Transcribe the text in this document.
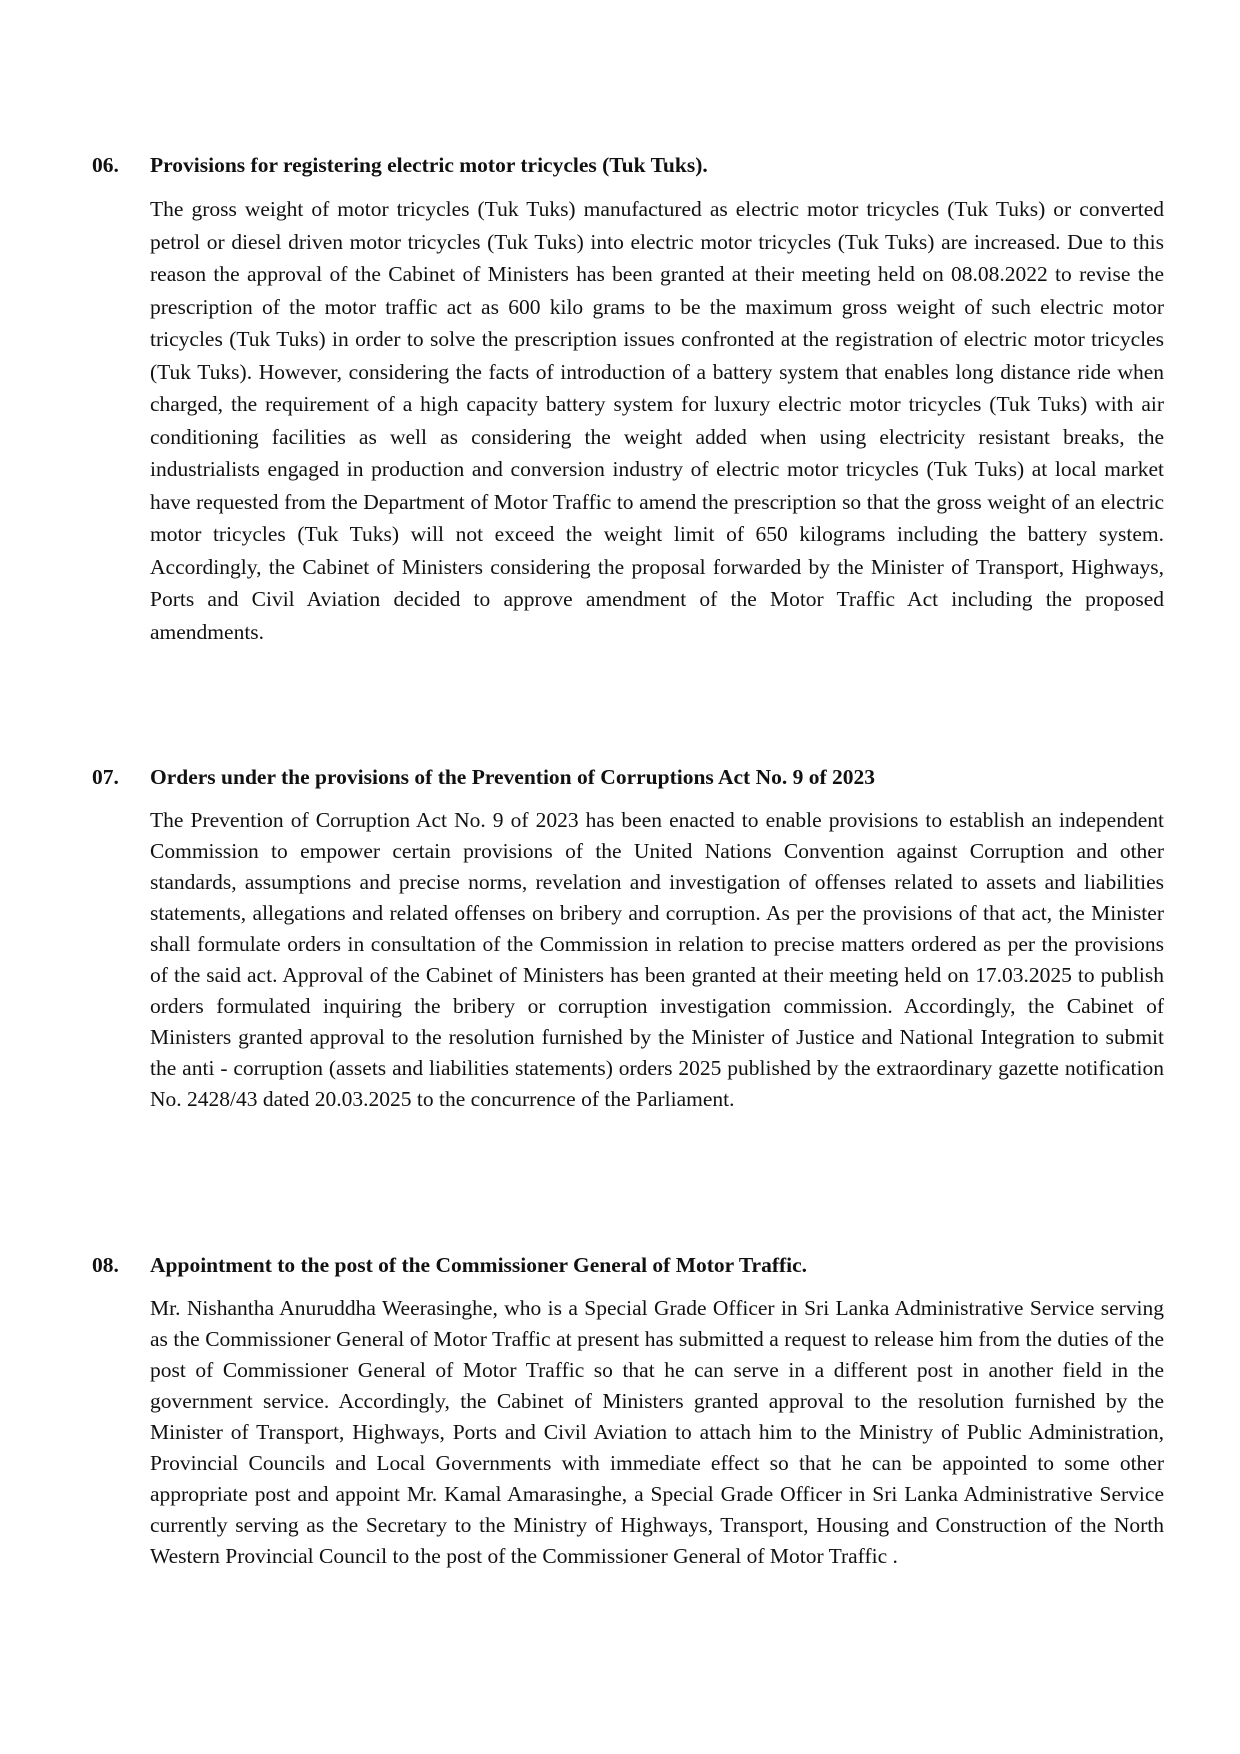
06.	Provisions for registering electric motor tricycles (Tuk Tuks).

The gross weight of motor tricycles (Tuk Tuks) manufactured as electric motor tricycles (Tuk Tuks) or converted petrol or diesel driven motor tricycles (Tuk Tuks) into electric motor tricycles (Tuk Tuks) are increased. Due to this reason the approval of the Cabinet of Ministers has been granted at their meeting held on 08.08.2022 to revise the prescription of the motor traffic act as 600 kilo grams to be the maximum gross weight of such electric motor tricycles (Tuk Tuks) in order to solve the prescription issues confronted at the registration of electric motor tricycles (Tuk Tuks). However, considering the facts of introduction of a battery system that enables long distance ride when charged, the requirement of a high capacity battery system for luxury electric motor tricycles (Tuk Tuks) with air conditioning facilities as well as considering the weight added when using electricity resistant breaks, the industrialists engaged in production and conversion industry of electric motor tricycles (Tuk Tuks) at local market have requested from the Department of Motor Traffic to amend the prescription so that the gross weight of an electric motor tricycles (Tuk Tuks) will not exceed the weight limit of 650 kilograms including the battery system. Accordingly, the Cabinet of Ministers considering the proposal forwarded by the Minister of Transport, Highways, Ports and Civil Aviation decided to approve amendment of the Motor Traffic Act including the proposed amendments.

07.	Orders under the provisions of the Prevention of Corruptions Act No. 9 of 2023

The Prevention of Corruption Act No. 9 of 2023 has been enacted to enable provisions to establish an independent Commission to empower certain provisions of the United Nations Convention against Corruption and other standards, assumptions and precise norms, revelation and investigation of offenses related to assets and liabilities statements, allegations and related offenses on bribery and corruption. As per the provisions of that act, the Minister shall formulate orders in consultation of the Commission in relation to precise matters ordered as per the provisions of the said act. Approval of the Cabinet of Ministers has been granted at their meeting held on 17.03.2025 to publish orders formulated inquiring the bribery or corruption investigation commission. Accordingly, the Cabinet of Ministers granted approval to the resolution furnished by the Minister of Justice and National Integration to submit the anti - corruption (assets and liabilities statements) orders 2025 published by the extraordinary gazette notification No. 2428/43 dated 20.03.2025 to the concurrence of the Parliament.

08.	Appointment to the post of the Commissioner General of Motor Traffic.

Mr. Nishantha Anuruddha Weerasinghe, who is a Special Grade Officer in Sri Lanka Administrative Service serving as the Commissioner General of Motor Traffic at present has submitted a request to release him from the duties of the post of Commissioner General of Motor Traffic so that he can serve in a different post in another field in the government service. Accordingly, the Cabinet of Ministers granted approval to the resolution furnished by the Minister of Transport, Highways, Ports and Civil Aviation to attach him to the Ministry of Public Administration, Provincial Councils and Local Governments with immediate effect so that he can be appointed to some other appropriate post and appoint Mr. Kamal Amarasinghe, a Special Grade Officer in Sri Lanka Administrative Service currently serving as the Secretary to the Ministry of Highways, Transport, Housing and Construction of the North Western Provincial Council to the post of the Commissioner General of Motor Traffic .
